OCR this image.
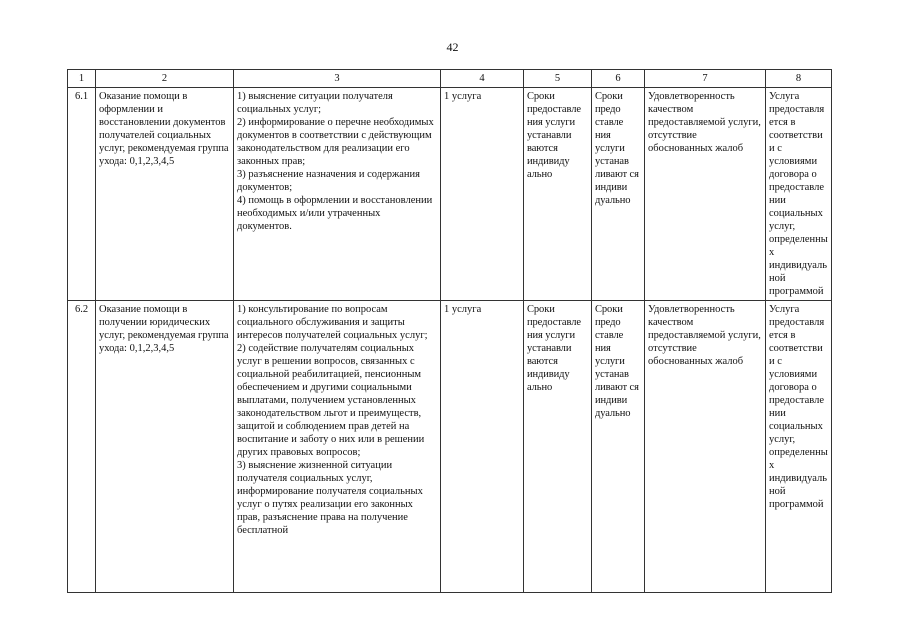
42
1	2	3	4	5	6	7	8
6.1	Оказание помощи в оформлении и восстановлении документов получателей социальных услуг, рекомендуемая группа ухода: 0,1,2,3,4,5	1) выяснение ситуации получателя социальных услуг;
2) информирование о перечне необходимых документов в соответствии с действующим законодательством для реализации его законных прав;
3) разъяснение назначения и содержания документов;
4) помощь в оформлении и восстановлении необходимых и/или утраченных документов.	1 услуга	Сроки предоставле ния услуги устанавли ваются индивиду ально	Сроки предо ставле ния услуги устанав ливают ся индиви дуально	Удовлетворенность качеством предоставляемой услуги, отсутствие обоснованных жалоб	Услуга предоставляется в соответствии с условиями договора о предоставлении социальных услуг, определенных индивидуальной программой

6.2	Оказание помощи в получении юридических услуг, рекомендуемая группа ухода: 0,1,2,3,4,5	1) консультирование по вопросам социального обслуживания и защиты интересов получателей социальных услуг;
2) содействие получателям социальных услуг в решении вопросов, связанных с социальной реабилитацией, пенсионным обеспечением и другими социальными выплатами, получением установленных законодательством льгот и преимуществ, защитой и соблюдением прав детей на воспитание и заботу о них или в решении других правовых вопросов;
3) выяснение жизненной ситуации получателя социальных услуг, информирование получателя социальных услуг о путях реализации его законных прав, разъяснение права на получение бесплатной	1 услуга	Сроки предоставле ния услуги устанавли ваются индивиду ально	Сроки предо ставле ния услуги устанав ливают ся индиви дуально	Удовлетворенность качеством предоставляемой услуги, отсутствие обоснованных жалоб	Услуга предоставляется в соответствии с условиями договора о предоставлении социальных услуг, определенных индивидуальной программой
